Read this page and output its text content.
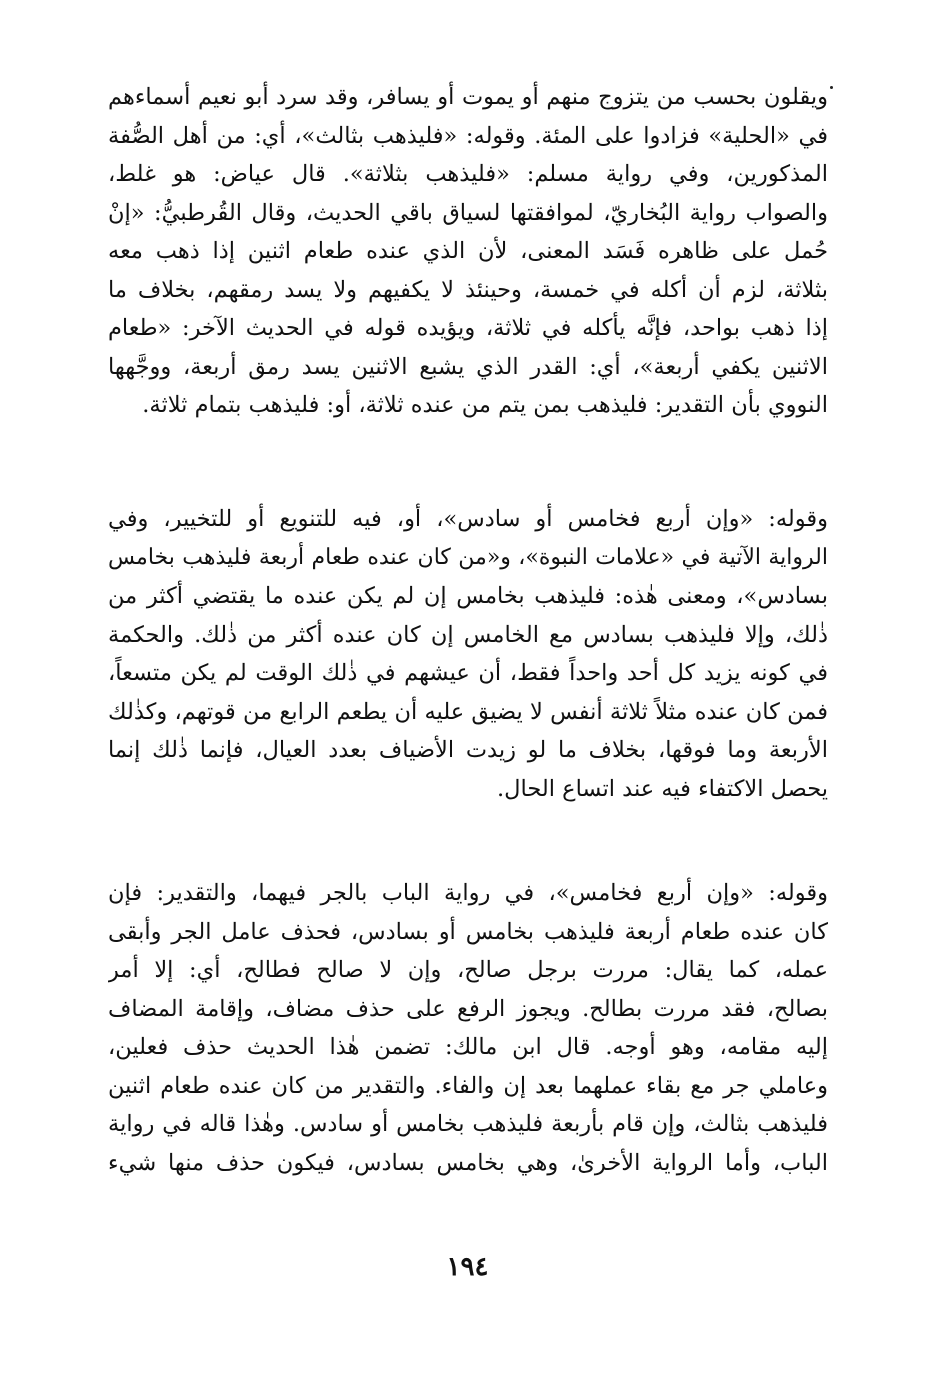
ويقلون بحسب من يتزوج منهم أو يموت أو يسافر، وقد سرد أبو نعيم أسماءهم
في «الحلية» فزادوا على المئة. وقوله: «فليذهب بثالث»، أي: من أهل الصُّفة
المذكورين، وفي رواية مسلم: «فليذهب بثلاثة». قال عياض: هو غلط،
والصواب رواية البُخاريّ، لموافقتها لسياق باقي الحديث، وقال القُرطبيُّ: «إنْ
حُمل على ظاهره فَسَد المعنى، لأن الذي عنده طعام اثنين إذا ذهب معه
بثلاثة، لزم أن أكله في خمسة، وحينئذ لا يكفيهم ولا يسد رمقهم، بخلاف ما
إذا ذهب بواحد، فإنَّه يأكله في ثلاثة، ويؤيده قوله في الحديث الآخر: «طعام
الاثنين يكفي أربعة»، أي: القدر الذي يشبع الاثنين يسد رمق أربعة، ووجَّهها
النووي بأن التقدير: فليذهب بمن يتم من عنده ثلاثة، أو: فليذهب بتمام ثلاثة.
وقوله: «وإن أربع فخامس أو سادس»، أو، فيه للتنويع أو للتخيير، وفي
الرواية الآتية في «علامات النبوة»، و«من كان عنده طعام أربعة فليذهب بخامس
بسادس»، ومعنى هٰذه: فليذهب بخامس إن لم يكن عنده ما يقتضي أكثر من
ذٰلك، وإلا فليذهب بسادس مع الخامس إن كان عنده أكثر من ذٰلك. والحكمة
في كونه يزيد كل أحد واحداً فقط، أن عيشهم في ذٰلك الوقت لم يكن متسعاً،
فمن كان عنده مثلاً ثلاثة أنفس لا يضيق عليه أن يطعم الرابع من قوتهم، وكذٰلك
الأربعة وما فوقها، بخلاف ما لو زيدت الأضياف بعدد العيال، فإنما ذٰلك إنما
يحصل الاكتفاء فيه عند اتساع الحال.
وقوله: «وإن أربع فخامس»، في رواية الباب بالجر فيهما، والتقدير: فإن
كان عنده طعام أربعة فليذهب بخامس أو بسادس، فحذف عامل الجر وأبقى
عمله، كما يقال: مررت برجل صالح، وإن لا صالح فطالح، أي: إلا أمر
بصالح، فقد مررت بطالح. ويجوز الرفع على حذف مضاف، وإقامة المضاف
إليه مقامه، وهو أوجه. قال ابن مالك: تضمن هٰذا الحديث حذف فعلين،
وعاملي جر مع بقاء عملهما بعد إن والفاء. والتقدير من كان عنده طعام اثنين
فليذهب بثالث، وإن قام بأربعة فليذهب بخامس أو سادس. وهٰذا قاله في رواية
الباب، وأما الرواية الأخرىٰ، وهي بخامس بسادس، فيكون حذف منها شيء
١٩٤
